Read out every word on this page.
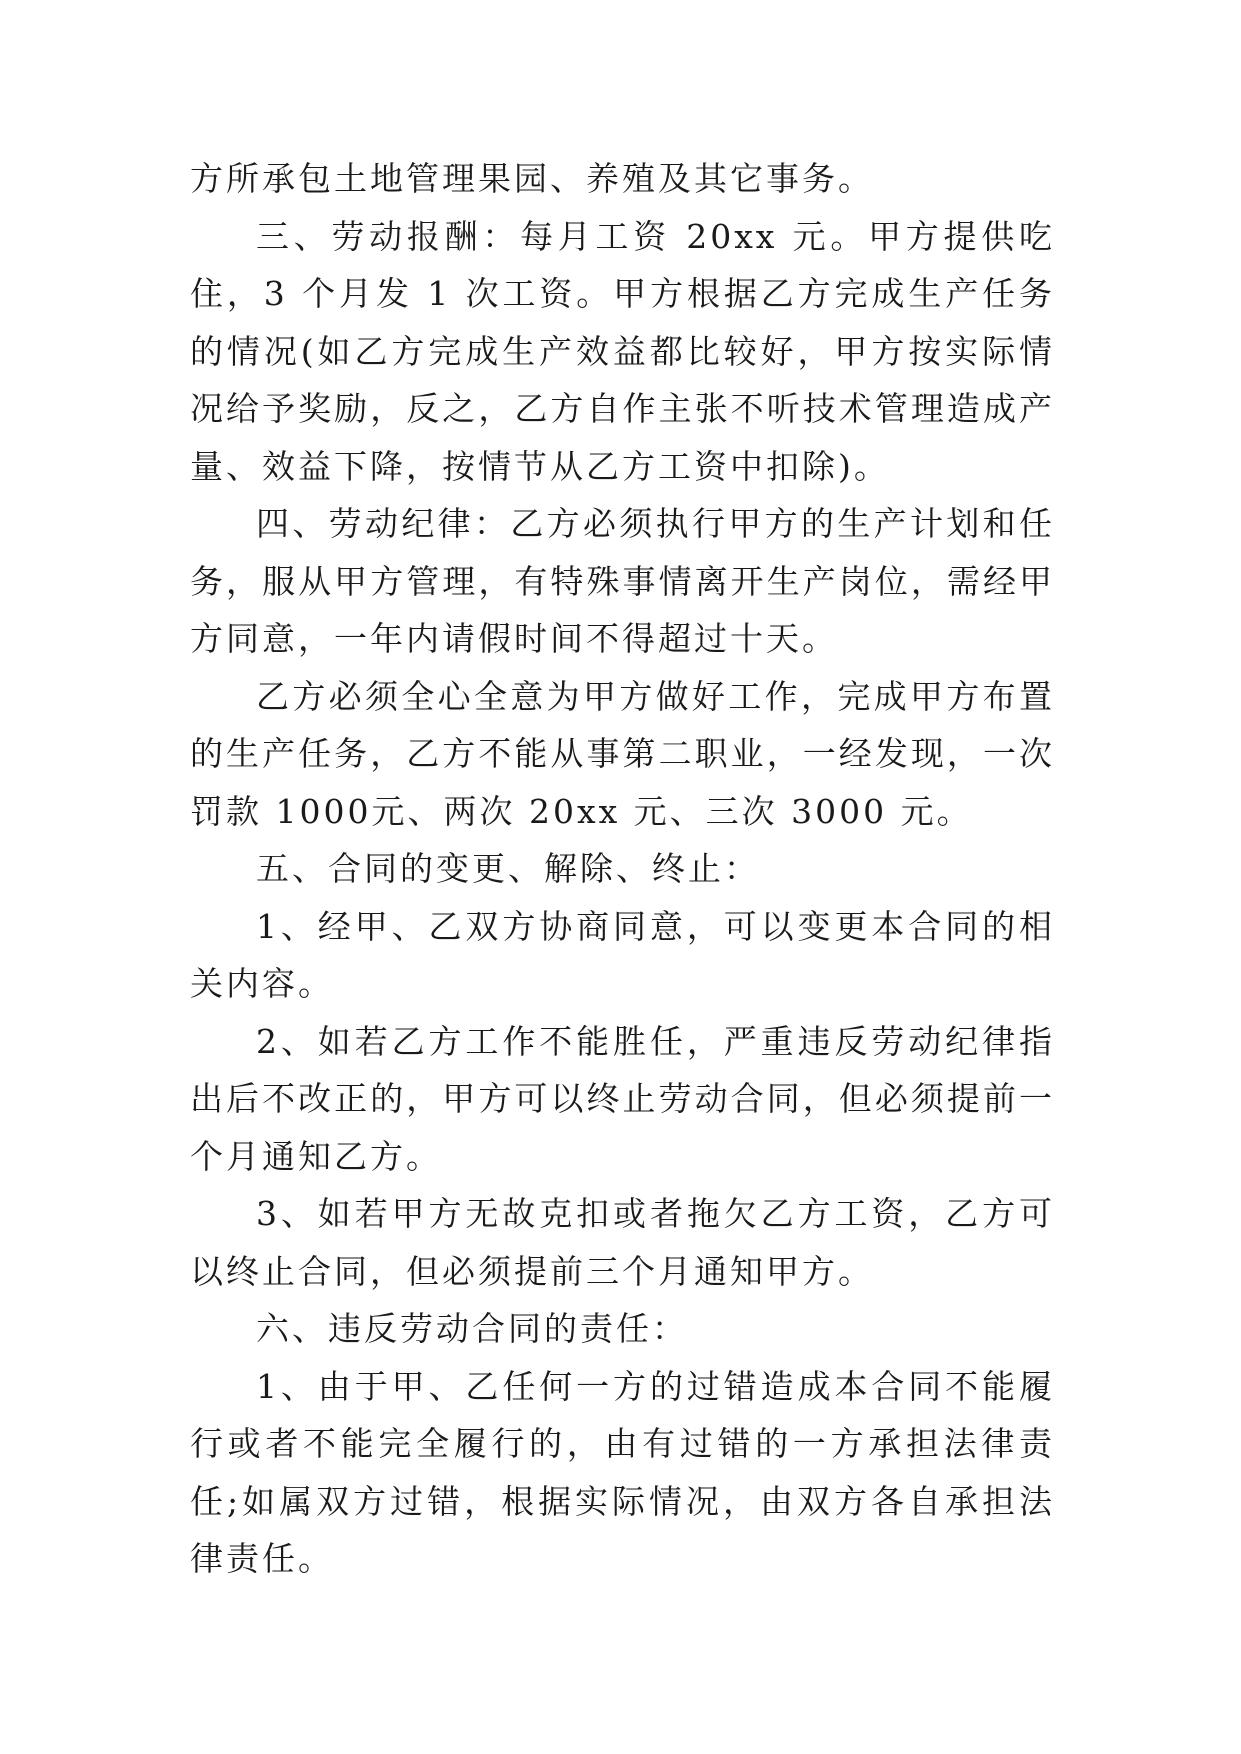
方所承包土地管理果园、养殖及其它事务。

三、劳动报酬：每月工资 20xx 元。甲方提供吃住，3 个月发 1 次工资。甲方根据乙方完成生产任务的情况(如乙方完成生产效益都比较好，甲方按实际情况给予奖励，反之，乙方自作主张不听技术管理造成产量、效益下降，按情节从乙方工资中扣除)。

四、劳动纪律：乙方必须执行甲方的生产计划和任务，服从甲方管理，有特殊事情离开生产岗位，需经甲方同意，一年内请假时间不得超过十天。

乙方必须全心全意为甲方做好工作，完成甲方布置的生产任务，乙方不能从事第二职业，一经发现，一次罚款 1000元、两次 20xx 元、三次 3000 元。

五、合同的变更、解除、终止：

1、经甲、乙双方协商同意，可以变更本合同的相关内容。

2、如若乙方工作不能胜任，严重违反劳动纪律指出后不改正的，甲方可以终止劳动合同，但必须提前一个月通知乙方。

3、如若甲方无故克扣或者拖欠乙方工资，乙方可以终止合同，但必须提前三个月通知甲方。

六、违反劳动合同的责任：

1、由于甲、乙任何一方的过错造成本合同不能履行或者不能完全履行的，由有过错的一方承担法律责任;如属双方过错，根据实际情况，由双方各自承担法律责任。
